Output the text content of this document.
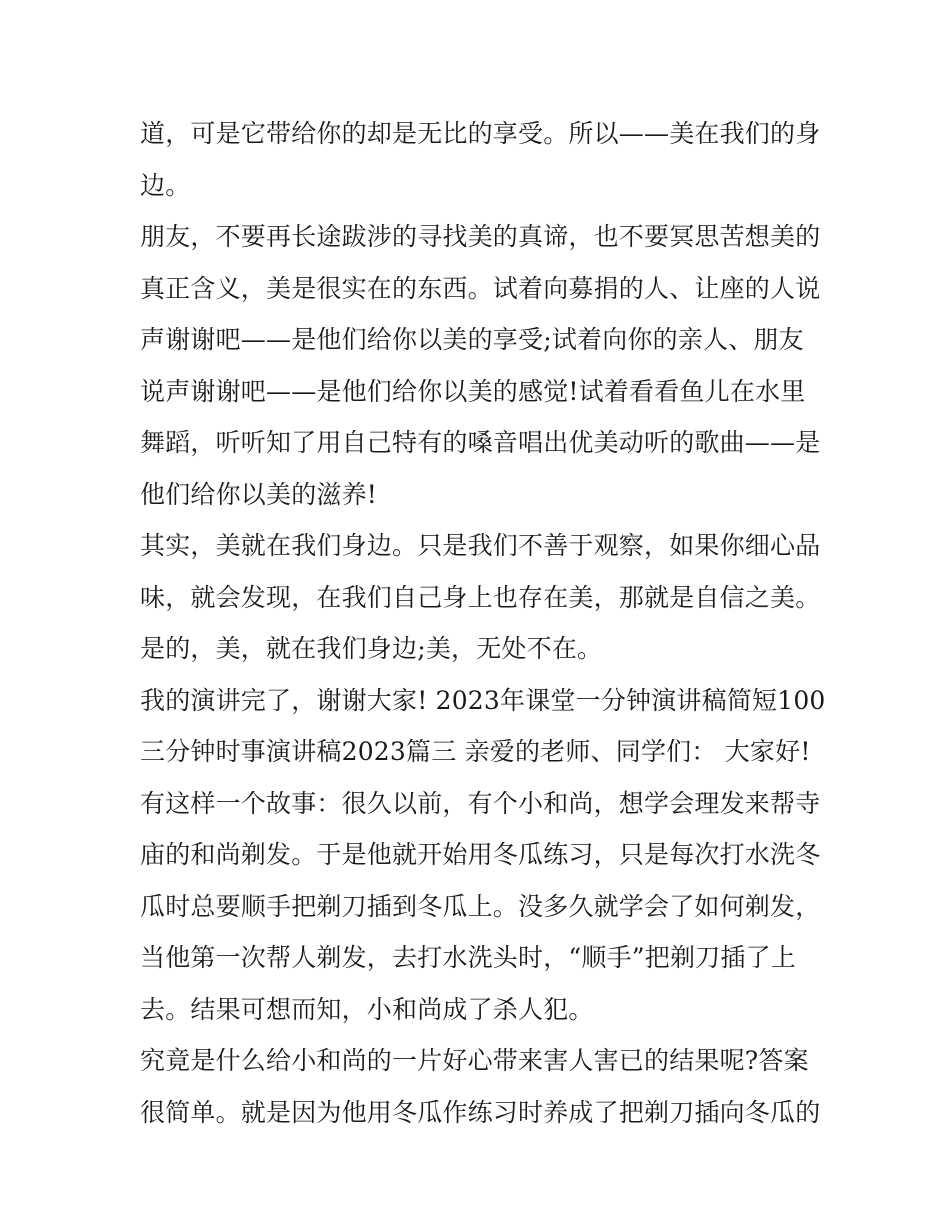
道，可是它带给你的却是无比的享受。所以——美在我们的身
边。
朋友，不要再长途跋涉的寻找美的真谛，也不要冥思苦想美的
真正含义，美是很实在的东西。试着向募捐的人、让座的人说
声谢谢吧——是他们给你以美的享受;试着向你的亲人、朋友
说声谢谢吧——是他们给你以美的感觉!试着看看鱼儿在水里
舞蹈，听听知了用自己特有的嗓音唱出优美动听的歌曲——是
他们给你以美的滋养!
其实，美就在我们身边。只是我们不善于观察，如果你细心品
味，就会发现，在我们自己身上也存在美，那就是自信之美。
是的，美，就在我们身边;美，无处不在。
我的演讲完了，谢谢大家! 2023年课堂一分钟演讲稿简短100
三分钟时事演讲稿2023篇三 亲爱的老师、同学们： 大家好!
有这样一个故事：很久以前，有个小和尚，想学会理发来帮寺
庙的和尚剃发。于是他就开始用冬瓜练习，只是每次打水洗冬
瓜时总要顺手把剃刀插到冬瓜上。没多久就学会了如何剃发，
当他第一次帮人剃发，去打水洗头时，“顺手”把剃刀插了上
去。结果可想而知，小和尚成了杀人犯。
究竟是什么给小和尚的一片好心带来害人害已的结果呢?答案
很简单。就是因为他用冬瓜作练习时养成了把剃刀插向冬瓜的
